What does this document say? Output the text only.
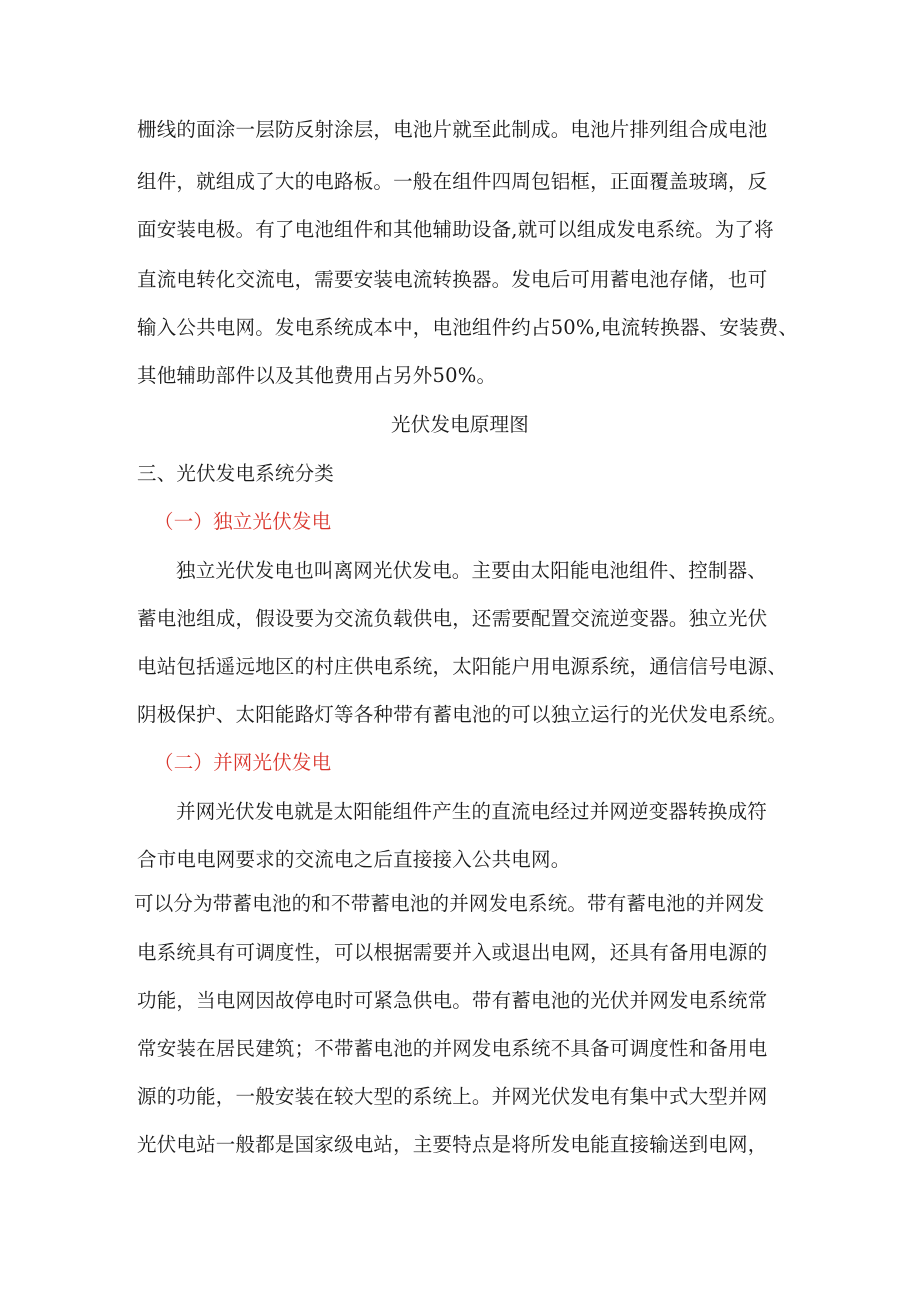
栅线的面涂一层防反射涂层，电池片就至此制成。电池片排列组合成电池
组件，就组成了大的电路板。一般在组件四周包铝框，正面覆盖玻璃，反
面安装电极。有了电池组件和其他辅助设备,就可以组成发电系统。为了将
直流电转化交流电，需要安装电流转换器。发电后可用蓄电池存储，也可
输入公共电网。发电系统成本中，电池组件约占50%,电流转换器、安装费、
其他辅助部件以及其他费用占另外50%。
光伏发电原理图
三、光伏发电系统分类
（一）独立光伏发电
独立光伏发电也叫离网光伏发电。主要由太阳能电池组件、控制器、
蓄电池组成，假设要为交流负载供电，还需要配置交流逆变器。独立光伏
电站包括遥远地区的村庄供电系统，太阳能户用电源系统，通信信号电源、
阴极保护、太阳能路灯等各种带有蓄电池的可以独立运行的光伏发电系统。
（二）并网光伏发电
并网光伏发电就是太阳能组件产生的直流电经过并网逆变器转换成符
合市电电网要求的交流电之后直接接入公共电网。
可以分为带蓄电池的和不带蓄电池的并网发电系统。带有蓄电池的并网发
电系统具有可调度性，可以根据需要并入或退出电网，还具有备用电源的
功能，当电网因故停电时可紧急供电。带有蓄电池的光伏并网发电系统常
常安装在居民建筑；不带蓄电池的并网发电系统不具备可调度性和备用电
源的功能，一般安装在较大型的系统上。并网光伏发电有集中式大型并网
光伏电站一般都是国家级电站，主要特点是将所发电能直接输送到电网，
